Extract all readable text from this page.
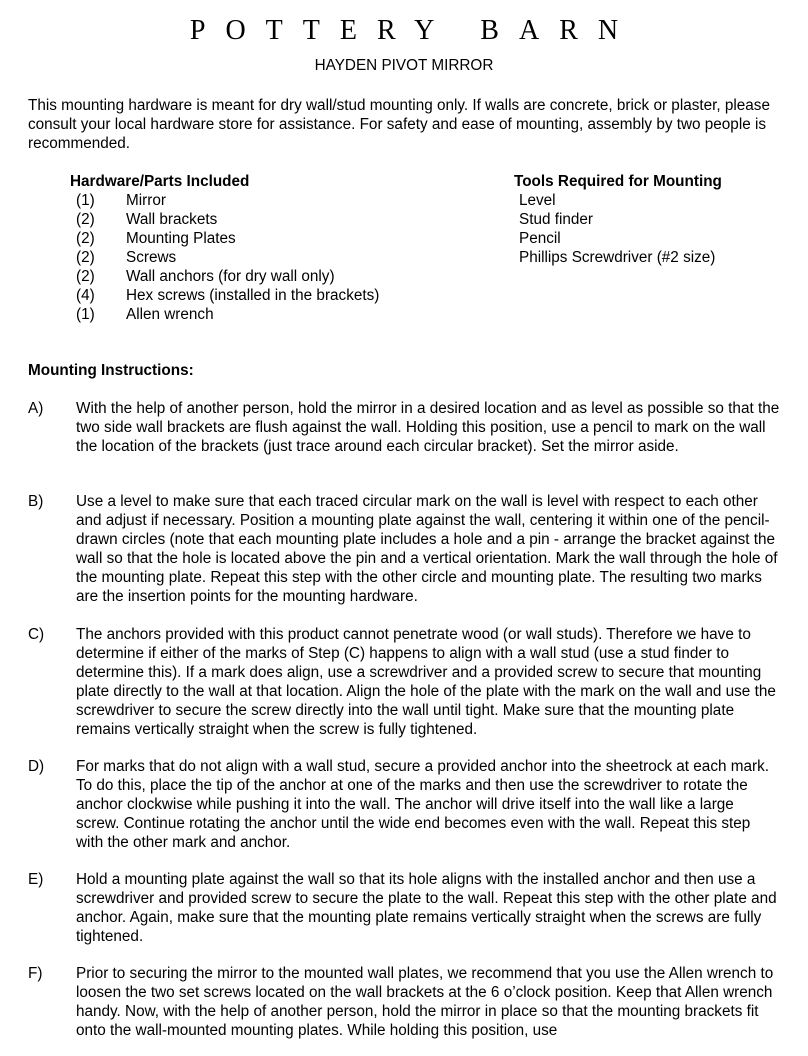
POTTERY BARN
HAYDEN PIVOT MIRROR

This mounting hardware is meant for dry wall/stud mounting only. If walls are concrete, brick or plaster, please consult your local hardware store for assistance. For safety and ease of mounting, assembly by two people is recommended.

Hardware/Parts Included

(1)	Mirror
(2)	Wall brackets
(2)	Mounting Plates
(2)	Screws
(2)	Wall anchors (for dry wall only)
(4)	Hex screws (installed in the brackets)
(1)	Allen wrench

Tools Required for Mounting

Level
Stud finder
Pencil
Phillips Screwdriver (#2 size)

Mounting Instructions:

A)	With the help of another person, hold the mirror in a desired location and as level as possible so that the two side wall brackets are flush against the wall. Holding this position, use a pencil to mark on the wall the location of the brackets (just trace around each circular bracket). Set the mirror aside.

B)	Use a level to make sure that each traced circular mark on the wall is level with respect to each other and adjust if necessary. Position a mounting plate against the wall, centering it within one of the pencil-drawn circles (note that each mounting plate includes a hole and a pin - arrange the bracket against the wall so that the hole is located above the pin and a vertical orientation. Mark the wall through the hole of the mounting plate. Repeat this step with the other circle and mounting plate. The resulting two marks are the insertion points for the mounting hardware.

C)	The anchors provided with this product cannot penetrate wood (or wall studs). Therefore we have to determine if either of the marks of Step (C) happens to align with a wall stud (use a stud finder to determine this). If a mark does align, use a screwdriver and a provided screw to secure that mounting plate directly to the wall at that location. Align the hole of the plate with the mark on the wall and use the screwdriver to secure the screw directly into the wall until tight. Make sure that the mounting plate remains vertically straight when the screw is fully tightened.

D)	For marks that do not align with a wall stud, secure a provided anchor into the sheetrock at each mark. To do this, place the tip of the anchor at one of the marks and then use the screwdriver to rotate the anchor clockwise while pushing it into the wall. The anchor will drive itself into the wall like a large screw. Continue rotating the anchor until the wide end becomes even with the wall. Repeat this step with the other mark and anchor.

E)	Hold a mounting plate against the wall so that its hole aligns with the installed anchor and then use a screwdriver and provided screw to secure the plate to the wall. Repeat this step with the other plate and anchor. Again, make sure that the mounting plate remains vertically straight when the screws are fully tightened.

F)	Prior to securing the mirror to the mounted wall plates, we recommend that you use the Allen wrench to loosen the two set screws located on the wall brackets at the 6 o’clock position. Keep that Allen wrench handy. Now, with the help of another person, hold the mirror in place so that the mounting brackets fit onto the wall-mounted mounting plates. While holding this position, use
